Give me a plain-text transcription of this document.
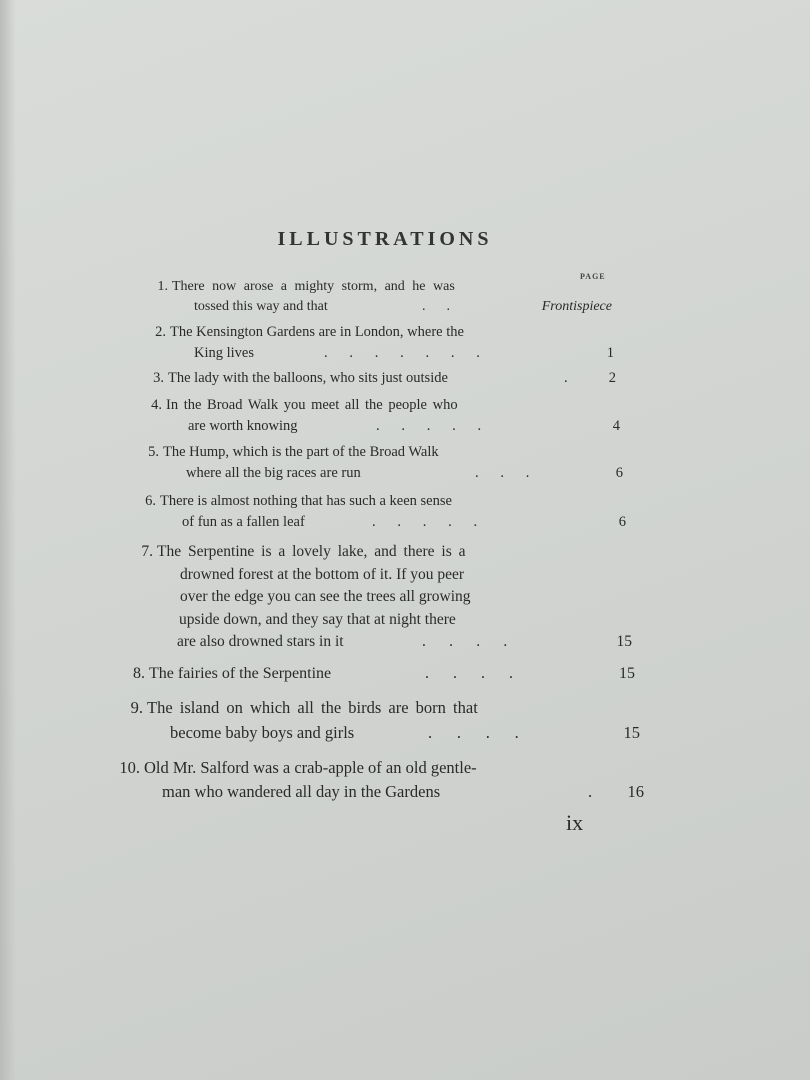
ILLUSTRATIONS
PAGE
1. There now arose a mighty storm, and he was
tossed this way and that	.      .	Frontispiece
2. The Kensington Gardens are in London, where the
King lives	.      .      .      .      .      .      .	1
3. The lady with the balloons, who sits just outside	.	2
4. In the Broad Walk you meet all the people who
are worth knowing	.      .      .      .      .	4
5. The Hump, which is the part of the Broad Walk
where all the big races are run	.      .      .	6
6. There is almost nothing that has such a keen sense
of fun as a fallen leaf	.      .      .      .      .	6
7. The Serpentine is a lovely lake, and there is a
drowned forest at the bottom of it. If you peer
over the edge you can see the trees all growing
upside down, and they say that at night there
are also drowned stars in it	.      .      .      .	15
8. The fairies of the Serpentine	.      .      .      .	15
9. The island on which all the birds are born that
become baby boys and girls	.      .      .      .	15
10. Old Mr. Salford was a crab-apple of an old gentle-
man who wandered all day in the Gardens	.	16
ix
